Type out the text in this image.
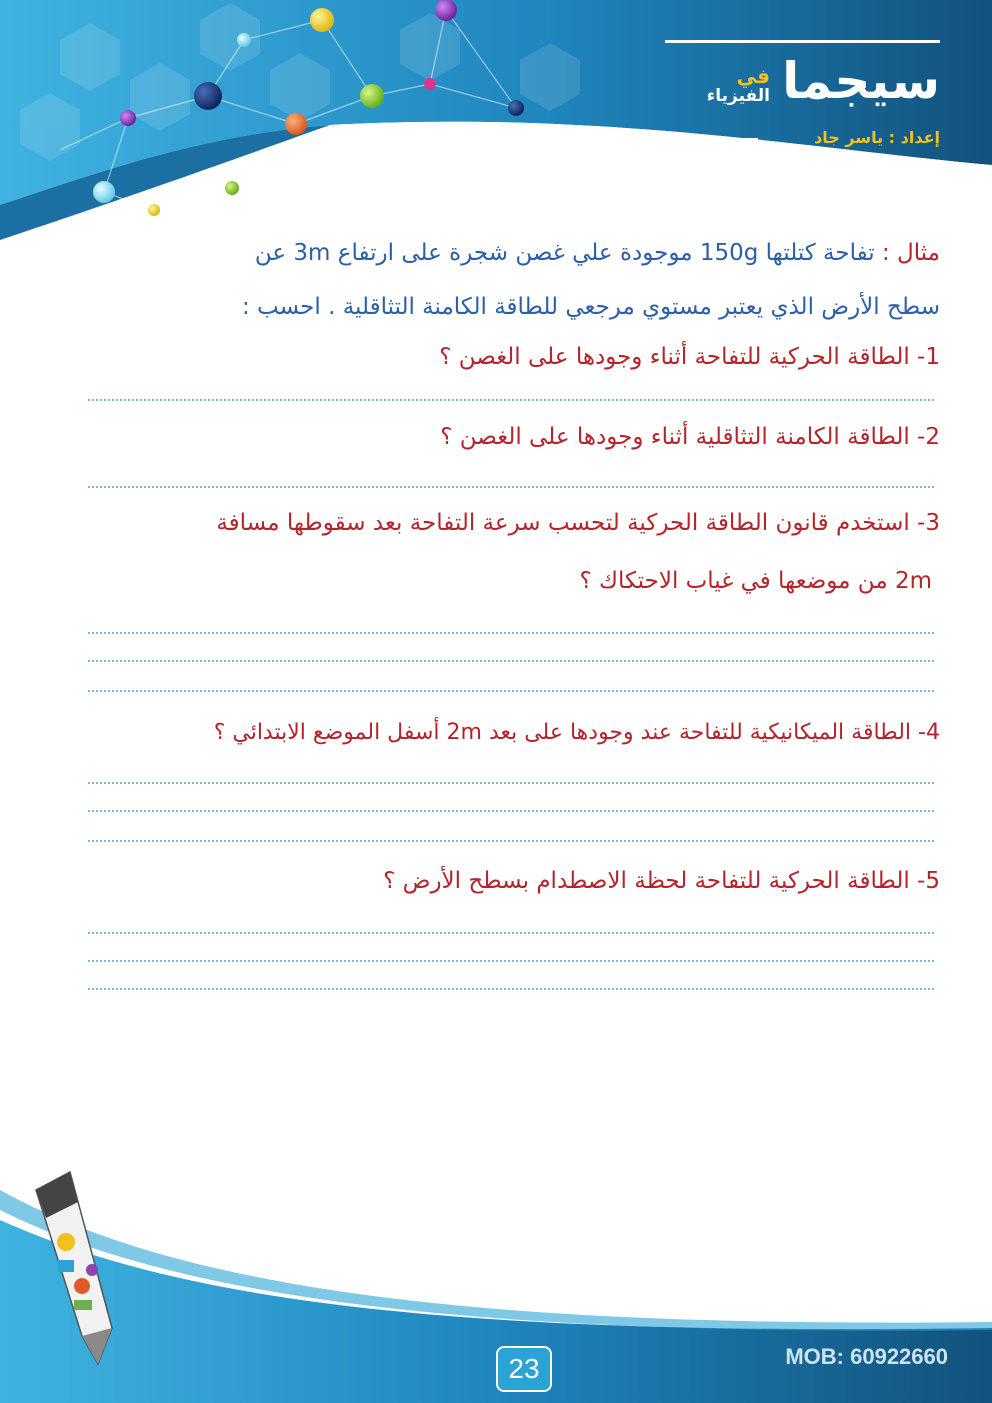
سيجما
في
الفيزياء
إعداد : ياسر جاد
مثال : تفاحة كتلتها 150g موجودة علي غصن شجرة على ارتفاع 3m عن
سطح الأرض الذي يعتبر مستوي مرجعي للطاقة الكامنة التثاقلية . احسب :
1- الطاقة الحركية للتفاحة أثناء وجودها على الغصن ؟
2- الطاقة الكامنة التثاقلية أثناء وجودها على الغصن ؟
3- استخدم قانون الطاقة الحركية لتحسب سرعة التفاحة بعد سقوطها مسافة
2m من موضعها في غياب الاحتكاك ؟
4- الطاقة الميكانيكية للتفاحة عند وجودها على بعد 2m أسفل الموضع الابتدائي ؟
5- الطاقة الحركية للتفاحة لحظة الاصطدام بسطح الأرض ؟
MOB: 60922660
23
